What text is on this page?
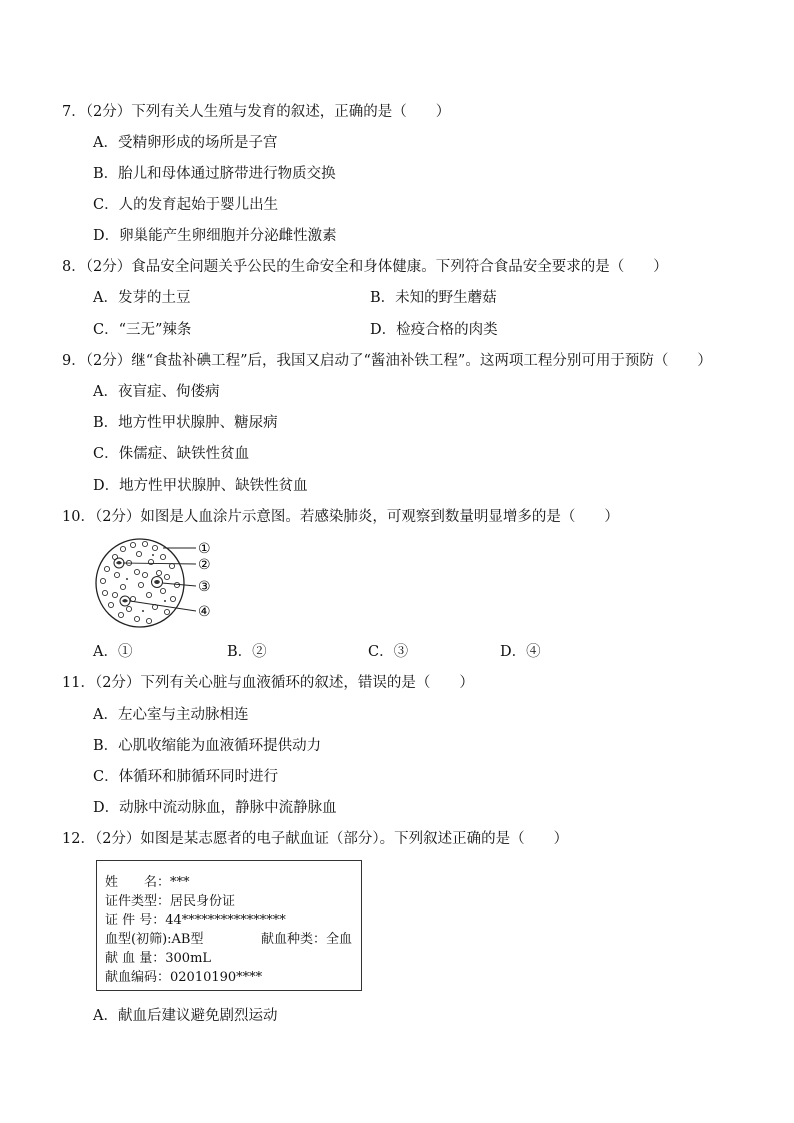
7．（2分）下列有关人生殖与发育的叙述，正确的是（　　）
A．受精卵形成的场所是子宫
B．胎儿和母体通过脐带进行物质交换
C．人的发育起始于婴儿出生
D．卵巢能产生卵细胞并分泌雌性激素
8．（2分）食品安全问题关乎公民的生命安全和身体健康。下列符合食品安全要求的是（　　）
A．发芽的土豆	B．未知的野生蘑菇
C．“三无”辣条	D．检疫合格的肉类
9．（2分）继“食盐补碘工程”后，我国又启动了“酱油补铁工程”。这两项工程分别可用于预防（　　）
A．夜盲症、佝偻病
B．地方性甲状腺肿、糖尿病
C．侏儒症、缺铁性贫血
D．地方性甲状腺肿、缺铁性贫血
10．（2分）如图是人血涂片示意图。若感染肺炎，可观察到数量明显增多的是（　　）
①
②
③
④
A．①	B．②	C．③	D．④
11．（2分）下列有关心脏与血液循环的叙述，错误的是（　　）
A．左心室与主动脉相连
B．心肌收缩能为血液循环提供动力
C．体循环和肺循环同时进行
D．动脉中流动脉血，静脉中流静脉血
12．（2分）如图是某志愿者的电子献血证（部分）。下列叙述正确的是（　　）
姓　　名：***
证件类型：居民身份证
证 件 号：44****************
血型(初筛):AB型	献血种类：全血
献 血 量：300mL
献血编码：02010190****
A．献血后建议避免剧烈运动
